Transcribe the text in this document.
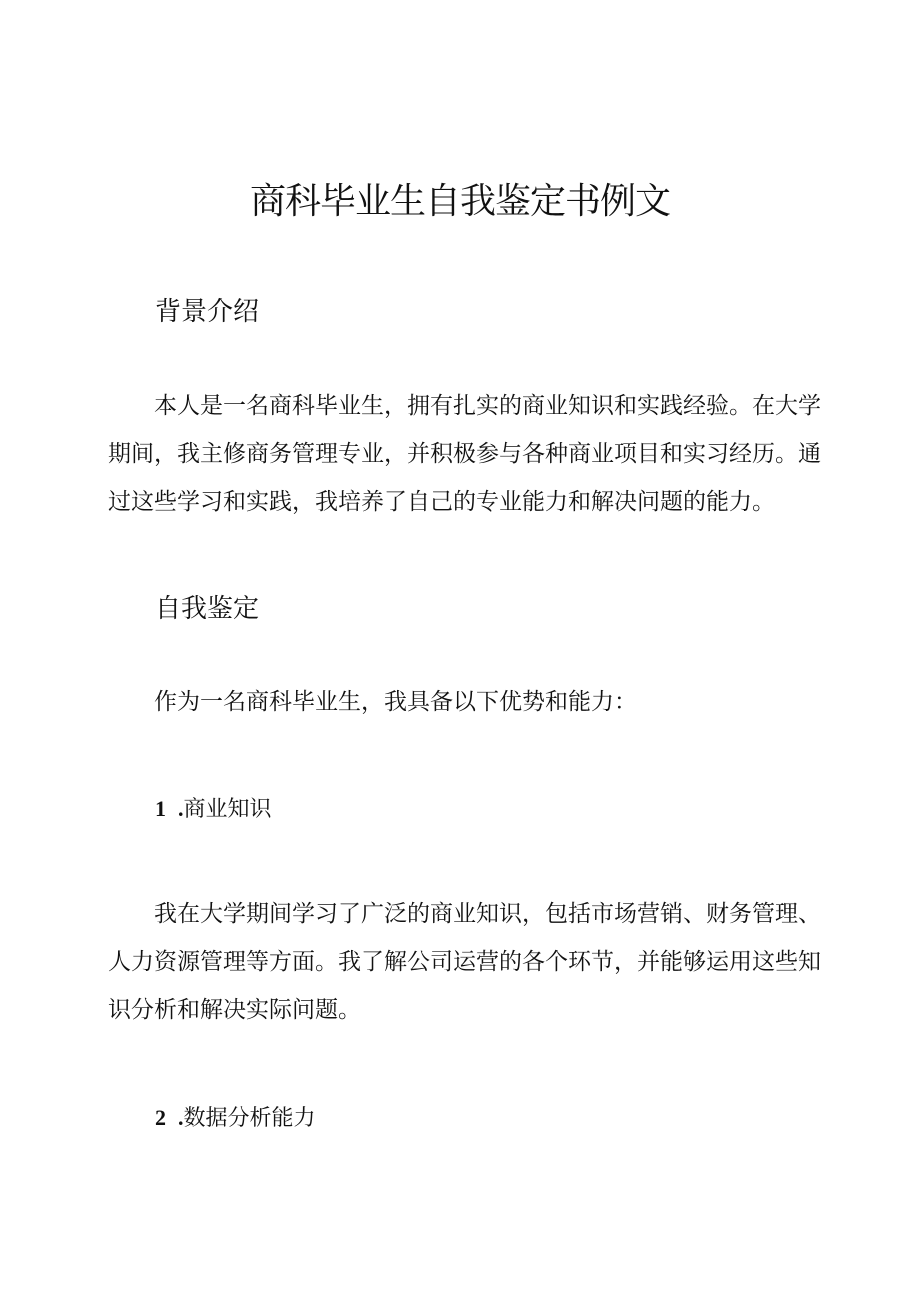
商科毕业生自我鉴定书例文
背景介绍

本人是一名商科毕业生，拥有扎实的商业知识和实践经验。在大学期间，我主修商务管理专业，并积极参与各种商业项目和实习经历。通过这些学习和实践，我培养了自己的专业能力和解决问题的能力。

自我鉴定

作为一名商科毕业生，我具备以下优势和能力：

1 . 商业知识

我在大学期间学习了广泛的商业知识，包括市场营销、财务管理、人力资源管理等方面。我了解公司运营的各个环节，并能够运用这些知识分析和解决实际问题。

2 . 数据分析能力
